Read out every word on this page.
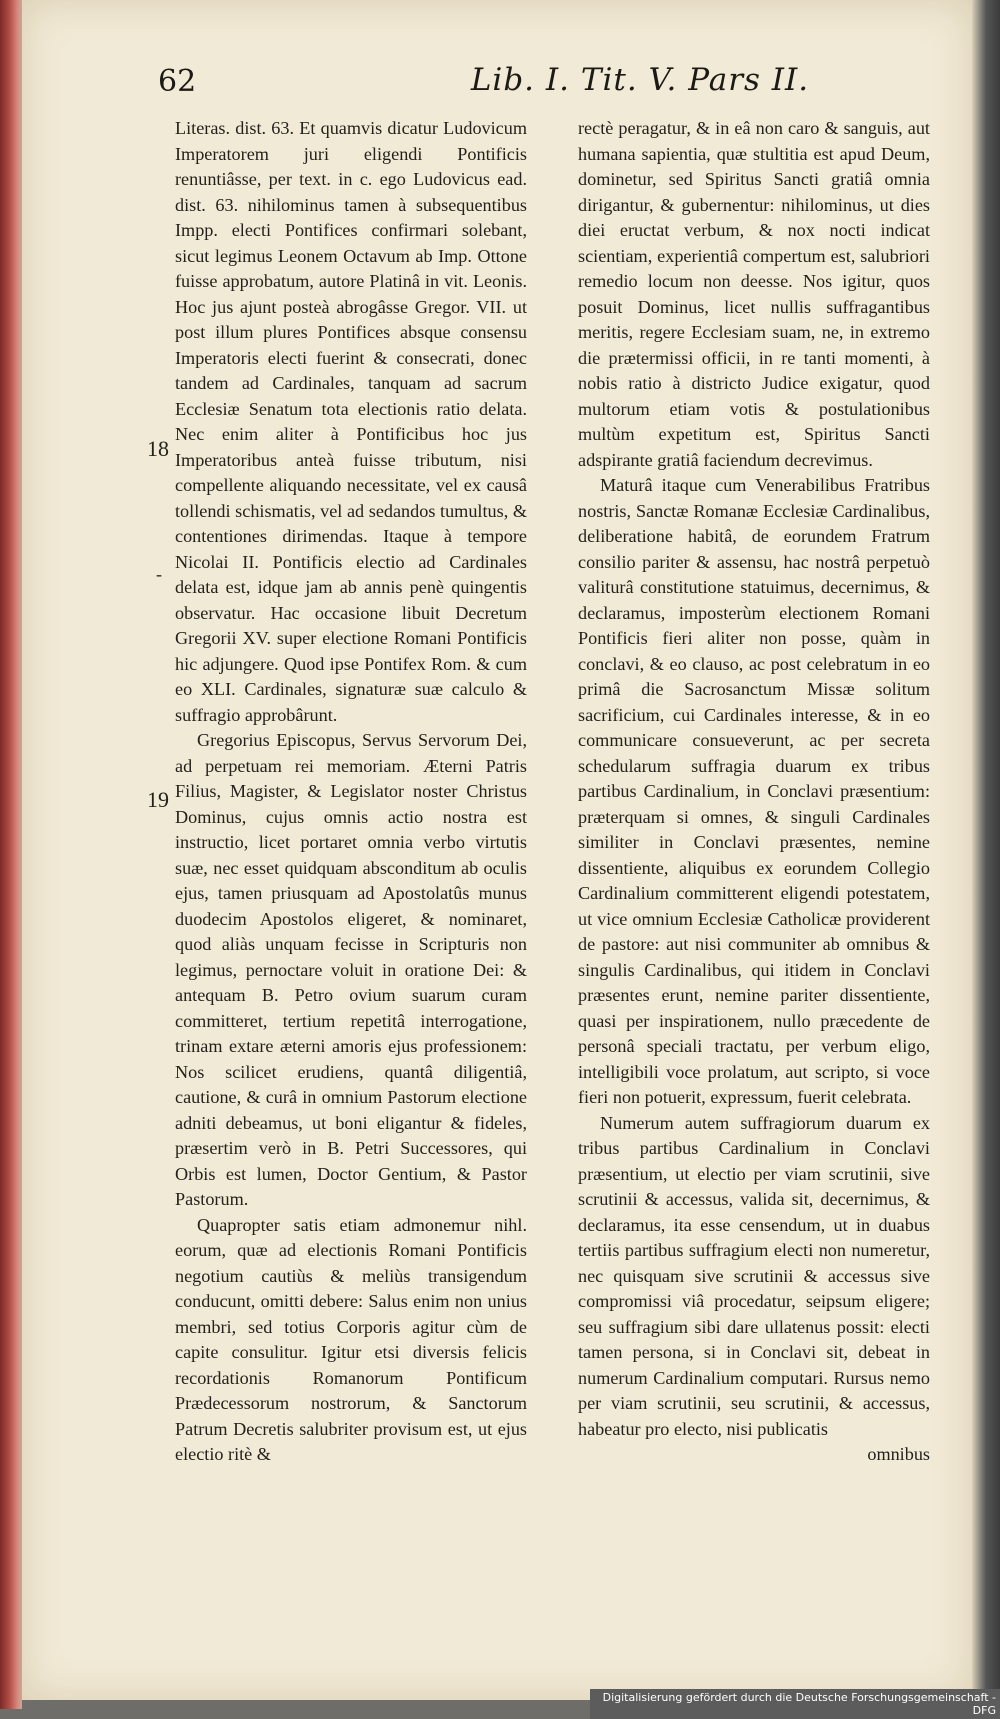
62	Lib. I. Tit. V. Pars II.
18
-
19

Literas. dist. 63. Et quamvis dicatur Ludovicum Imperatorem juri eligendi Pontificis renuntiâsse, per text. in c. ego Ludovicus ead. dist. 63. nihilominus tamen à subsequentibus Impp. electi Pontifices confirmari solebant, sicut legimus Leonem Octavum ab Imp. Ottone fuisse approbatum, autore Platinâ in vit. Leonis. Hoc jus ajunt posteà abrogâsse Gregor. VII. ut post illum plures Pontifices absque consensu Imperatoris electi fuerint & consecrati, donec tandem ad Cardinales, tanquam ad sacrum Ecclesiæ Senatum tota electionis ratio delata. Nec enim aliter à Pontificibus hoc jus Imperatoribus anteà fuisse tributum, nisi compellente aliquando necessitate, vel ex causâ tollendi schismatis, vel ad sedandos tumultus, & contentiones dirimendas. Itaque à tempore Nicolai II. Pontificis electio ad Cardinales delata est, idque jam ab annis penè quingentis observatur. Hac occasione libuit Decretum Gregorii XV. super electione Romani Pontificis hic adjungere. Quod ipse Pontifex Rom. & cum eo XLI. Cardinales, signaturæ suæ calculo & suffragio approbârunt.

Gregorius Episcopus, Servus Servorum Dei, ad perpetuam rei memoriam. Æterni Patris Filius, Magister, & Legislator noster Christus Dominus, cujus omnis actio nostra est instructio, licet portaret omnia verbo virtutis suæ, nec esset quidquam absconditum ab oculis ejus, tamen priusquam ad Apostolatûs munus duodecim Apostolos eligeret, & nominaret, quod aliàs unquam fecisse in Scripturis non legimus, pernoctare voluit in oratione Dei: & antequam B. Petro ovium suarum curam committeret, tertium repetitâ interrogatione, trinam extare æterni amoris ejus professionem: Nos scilicet erudiens, quantâ diligentiâ, cautione, & curâ in omnium Pastorum electione adniti debeamus, ut boni eligantur & fideles, præsertim verò in B. Petri Successores, qui Orbis est lumen, Doctor Gentium, & Pastor Pastorum.

Quapropter satis etiam admonemur nihl. eorum, quæ ad electionis Romani Pontificis negotium cautiùs & meliùs transigendum conducunt, omitti debere: Salus enim non unius membri, sed totius Corporis agitur cùm de capite consulitur. Igitur etsi diversis felicis recordationis Romanorum Pontificum Prædecessorum nostrorum, & Sanctorum Patrum Decretis salubriter provisum est, ut ejus electio ritè &

rectè peragatur, & in eâ non caro & sanguis, aut humana sapientia, quæ stultitia est apud Deum, dominetur, sed Spiritus Sancti gratiâ omnia dirigantur, & gubernentur: nihilominus, ut dies diei eructat verbum, & nox nocti indicat scientiam, experientiâ compertum est, salubriori remedio locum non deesse. Nos igitur, quos posuit Dominus, licet nullis suffragantibus meritis, regere Ecclesiam suam, ne, in extremo die prætermissi officii, in re tanti momenti, à nobis ratio à districto Judice exigatur, quod multorum etiam votis & postulationibus multùm expetitum est, Spiritus Sancti adspirante gratiâ faciendum decrevimus.

Maturâ itaque cum Venerabilibus Fratribus nostris, Sanctæ Romanæ Ecclesiæ Cardinalibus, deliberatione habitâ, de eorundem Fratrum consilio pariter & assensu, hac nostrâ perpetuò valiturâ constitutione statuimus, decernimus, & declaramus, imposterùm electionem Romani Pontificis fieri aliter non posse, quàm in conclavi, & eo clauso, ac post celebratum in eo primâ die Sacrosanctum Missæ solitum sacrificium, cui Cardinales interesse, & in eo communicare consueverunt, ac per secreta schedularum suffragia duarum ex tribus partibus Cardinalium, in Conclavi præsentium: præterquam si omnes, & singuli Cardinales similiter in Conclavi præsentes, nemine dissentiente, aliquibus ex eorundem Collegio Cardinalium committerent eligendi potestatem, ut vice omnium Ecclesiæ Catholicæ providerent de pastore: aut nisi communiter ab omnibus & singulis Cardinalibus, qui itidem in Conclavi præsentes erunt, nemine pariter dissentiente, quasi per inspirationem, nullo præcedente de personâ speciali tractatu, per verbum eligo, intelligibili voce prolatum, aut scripto, si voce fieri non potuerit, expressum, fuerit celebrata.

Numerum autem suffragiorum duarum ex tribus partibus Cardinalium in Conclavi præsentium, ut electio per viam scrutinii, sive scrutinii & accessus, valida sit, decernimus, & declaramus, ita esse censendum, ut in duabus tertiis partibus suffragium electi non numeretur, nec quisquam sive scrutinii & accessus sive compromissi viâ procedatur, seipsum eligere; seu suffragium sibi dare ullatenus possit: electi tamen persona, si in Conclavi sit, debeat in numerum Cardinalium computari. Rursus nemo per viam scrutinii, seu scrutinii, & accessus, habeatur pro electo, nisi publicatis

omnibus

Digitalisierung gefördert durch die Deutsche Forschungsgemeinschaft - DFG
